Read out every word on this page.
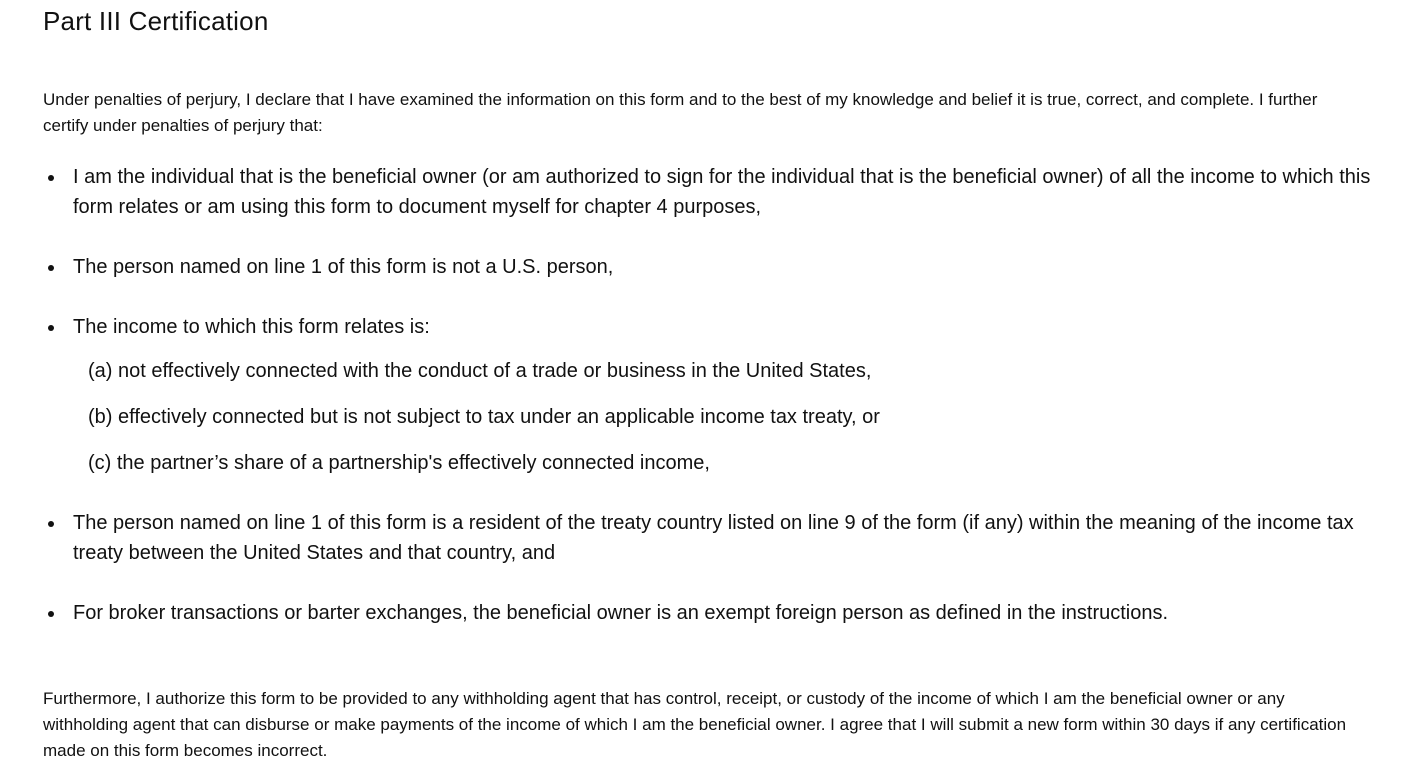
Part III Certification

Under penalties of perjury, I declare that I have examined the information on this form and to the best of my knowledge and belief it is true, correct, and complete. I further certify under penalties of perjury that:

I am the individual that is the beneficial owner (or am authorized to sign for the individual that is the beneficial owner) of all the income to which this form relates or am using this form to document myself for chapter 4 purposes,
The person named on line 1 of this form is not a U.S. person,
The income to which this form relates is:
(a) not effectively connected with the conduct of a trade or business in the United States,
(b) effectively connected but is not subject to tax under an applicable income tax treaty, or
(c) the partner’s share of a partnership's effectively connected income,
The person named on line 1 of this form is a resident of the treaty country listed on line 9 of the form (if any) within the meaning of the income tax treaty between the United States and that country, and
For broker transactions or barter exchanges, the beneficial owner is an exempt foreign person as defined in the instructions.

Furthermore, I authorize this form to be provided to any withholding agent that has control, receipt, or custody of the income of which I am the beneficial owner or any withholding agent that can disburse or make payments of the income of which I am the beneficial owner. I agree that I will submit a new form within 30 days if any certification made on this form becomes incorrect.
